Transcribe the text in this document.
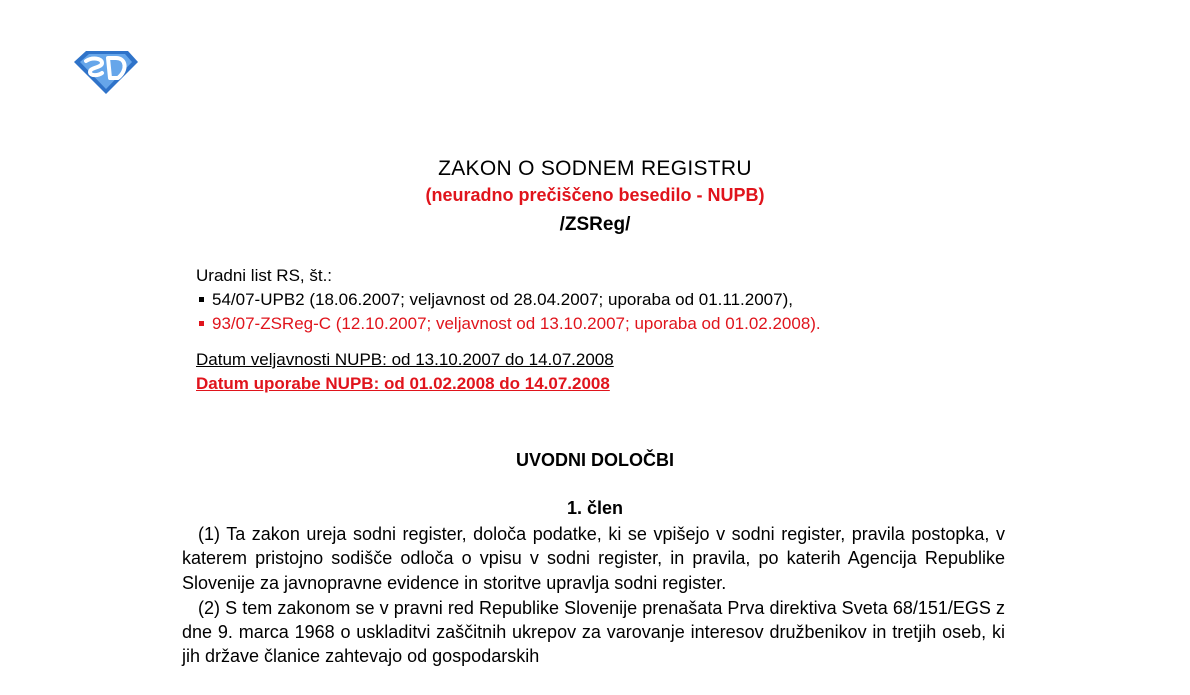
ZAKON O SODNEM REGISTRU
(neuradno prečiščeno besedilo - NUPB)
/ZSReg/
Uradni list RS, št.:
54/07-UPB2 (18.06.2007; veljavnost od 28.04.2007; uporaba od 01.11.2007),
93/07-ZSReg-C (12.10.2007; veljavnost od 13.10.2007; uporaba od 01.02.2008).
Datum veljavnosti NUPB: od 13.10.2007 do 14.07.2008
Datum uporabe NUPB: od 01.02.2008 do 14.07.2008
UVODNI DOLOČBI
1. člen

(1) Ta zakon ureja sodni register, določa podatke, ki se vpišejo v sodni register, pravila postopka, v katerem pristojno sodišče odloča o vpisu v sodni register, in pravila, po katerih Agencija Republike Slovenije za javnopravne evidence in storitve upravlja sodni register.

(2) S tem zakonom se v pravni red Republike Slovenije prenašata Prva direktiva Sveta 68/151/EGS z dne 9. marca 1968 o uskladitvi zaščitnih ukrepov za varovanje interesov družbenikov in tretjih oseb, ki jih države članice zahtevajo od gospodarskih
